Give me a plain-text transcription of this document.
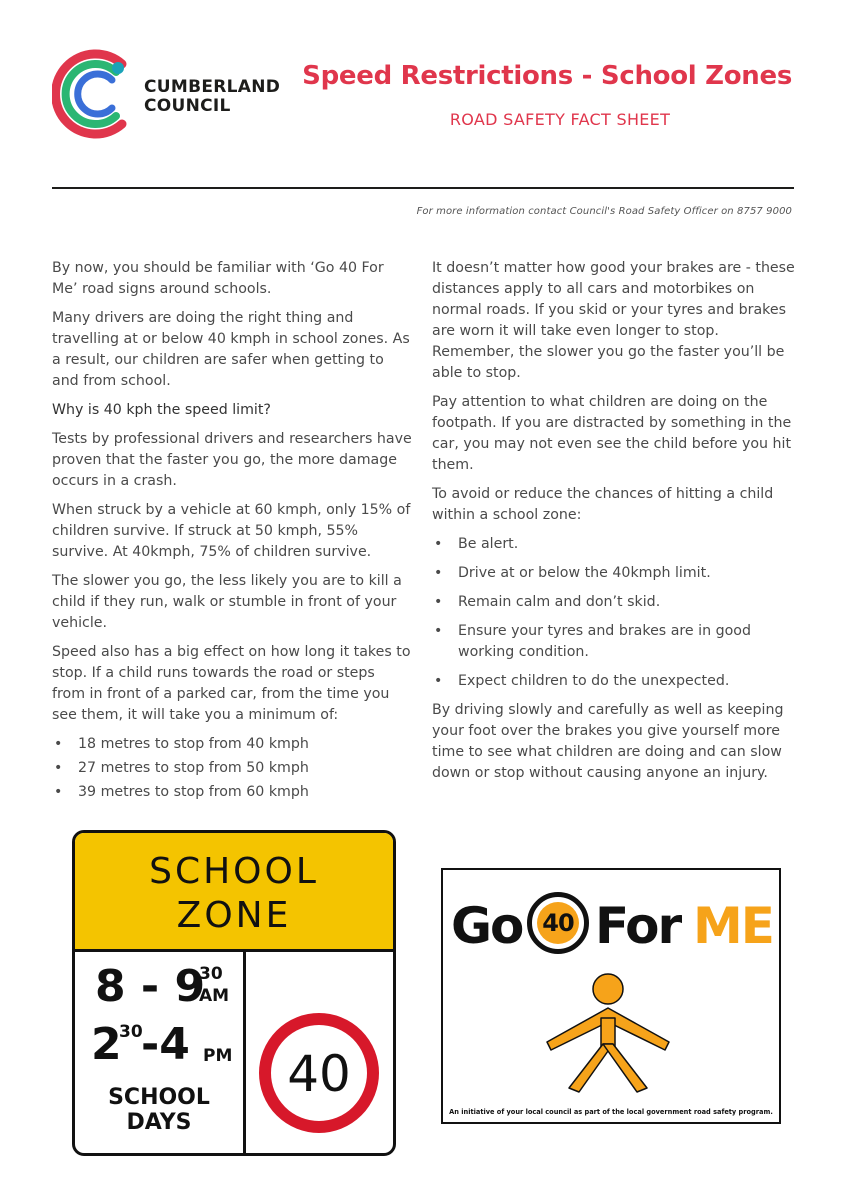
CUMBERLAND
COUNCIL
Speed Restrictions - School Zones
ROAD SAFETY FACT SHEET
For more information contact Council's Road Safety Officer on 8757 9000

By now, you should be familiar with ‘Go 40 For Me’ road signs around schools.

Many drivers are doing the right thing and travelling at or below 40 kmph in school zones. As a result, our children are safer when getting to and from school.

Why is 40 kph the speed limit?

Tests by professional drivers and researchers have proven that the faster you go, the more damage occurs in a crash.

When struck by a vehicle at 60 kmph, only 15% of children survive. If struck at 50 kmph, 55% survive. At 40kmph, 75% of children survive.

The slower you go, the less likely you are to kill a child if they run, walk or stumble in front of your vehicle.

Speed also has a big effect on how long it takes to stop. If a child runs towards the road or steps from in front of a parked car, from the time you see them, it will take you a minimum of:

• 18 metres to stop from 40 kmph
• 27 metres to stop from 50 kmph
• 39 metres to stop from 60 kmph

It doesn’t matter how good your brakes are - these distances apply to all cars and motorbikes on normal roads. If you skid or your tyres and brakes are worn it will take even longer to stop. Remember, the slower you go the faster you’ll be able to stop.

Pay attention to what children are doing on the footpath. If you are distracted by something in the car, you may not even see the child before you hit them.

To avoid or reduce the chances of hitting a child within a school zone:

• Be alert.
• Drive at or below the 40kmph limit.
• Remain calm and don’t skid.
• Ensure your tyres and brakes are in good working condition.
• Expect children to do the unexpected.

By driving slowly and carefully as well as keeping your foot over the brakes you give yourself more time to see what children are doing and can slow down or stop without causing anyone an injury.

SCHOOL
ZONE
8 - 9
30
AM
2
30
-4 PM
SCHOOL
DAYS
40
Go 40 For ME
An initiative of your local council as part of the local government road safety program.
